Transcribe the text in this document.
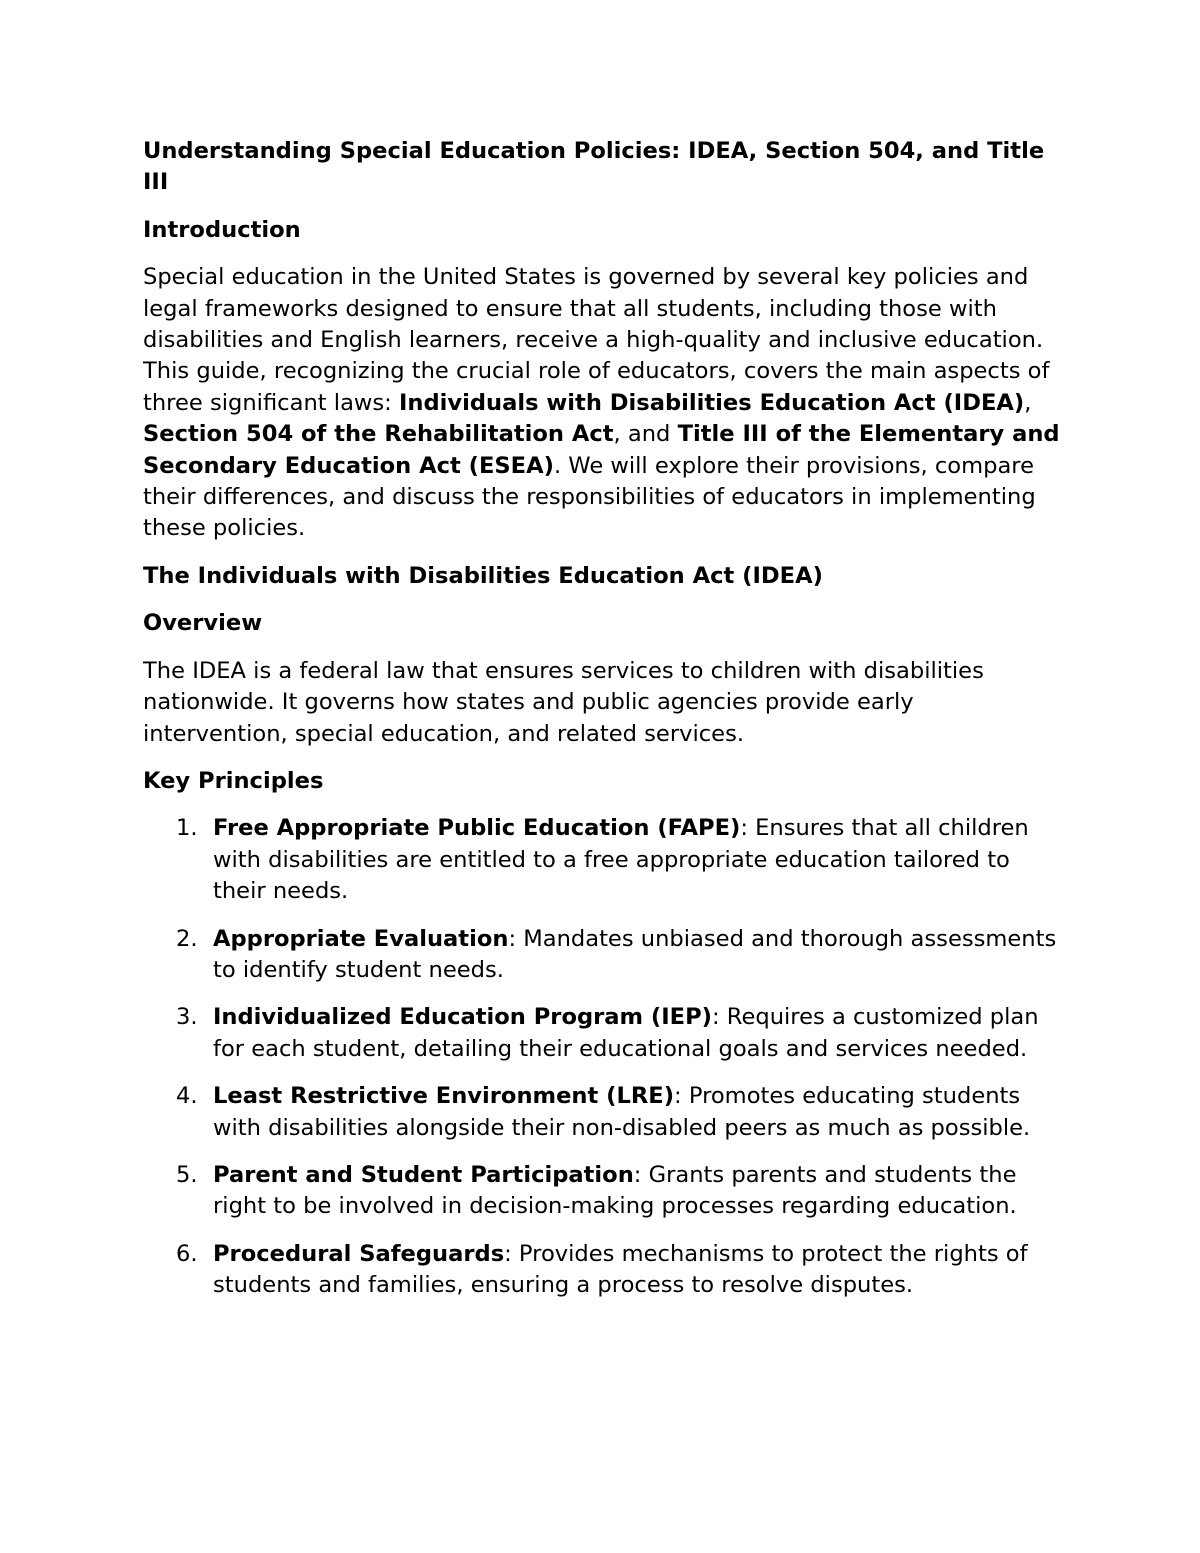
Understanding Special Education Policies: IDEA, Section 504, and Title III
Introduction
Special education in the United States is governed by several key policies and legal frameworks designed to ensure that all students, including those with disabilities and English learners, receive a high-quality and inclusive education. This guide, recognizing the crucial role of educators, covers the main aspects of three significant laws: Individuals with Disabilities Education Act (IDEA), Section 504 of the Rehabilitation Act, and Title III of the Elementary and Secondary Education Act (ESEA). We will explore their provisions, compare their differences, and discuss the responsibilities of educators in implementing these policies.
The Individuals with Disabilities Education Act (IDEA)
Overview
The IDEA is a federal law that ensures services to children with disabilities nationwide. It governs how states and public agencies provide early intervention, special education, and related services.
Key Principles
1. Free Appropriate Public Education (FAPE): Ensures that all children with disabilities are entitled to a free appropriate education tailored to their needs.
2. Appropriate Evaluation: Mandates unbiased and thorough assessments to identify student needs.
3. Individualized Education Program (IEP): Requires a customized plan for each student, detailing their educational goals and services needed.
4. Least Restrictive Environment (LRE): Promotes educating students with disabilities alongside their non-disabled peers as much as possible.
5. Parent and Student Participation: Grants parents and students the right to be involved in decision-making processes regarding education.
6. Procedural Safeguards: Provides mechanisms to protect the rights of students and families, ensuring a process to resolve disputes.
